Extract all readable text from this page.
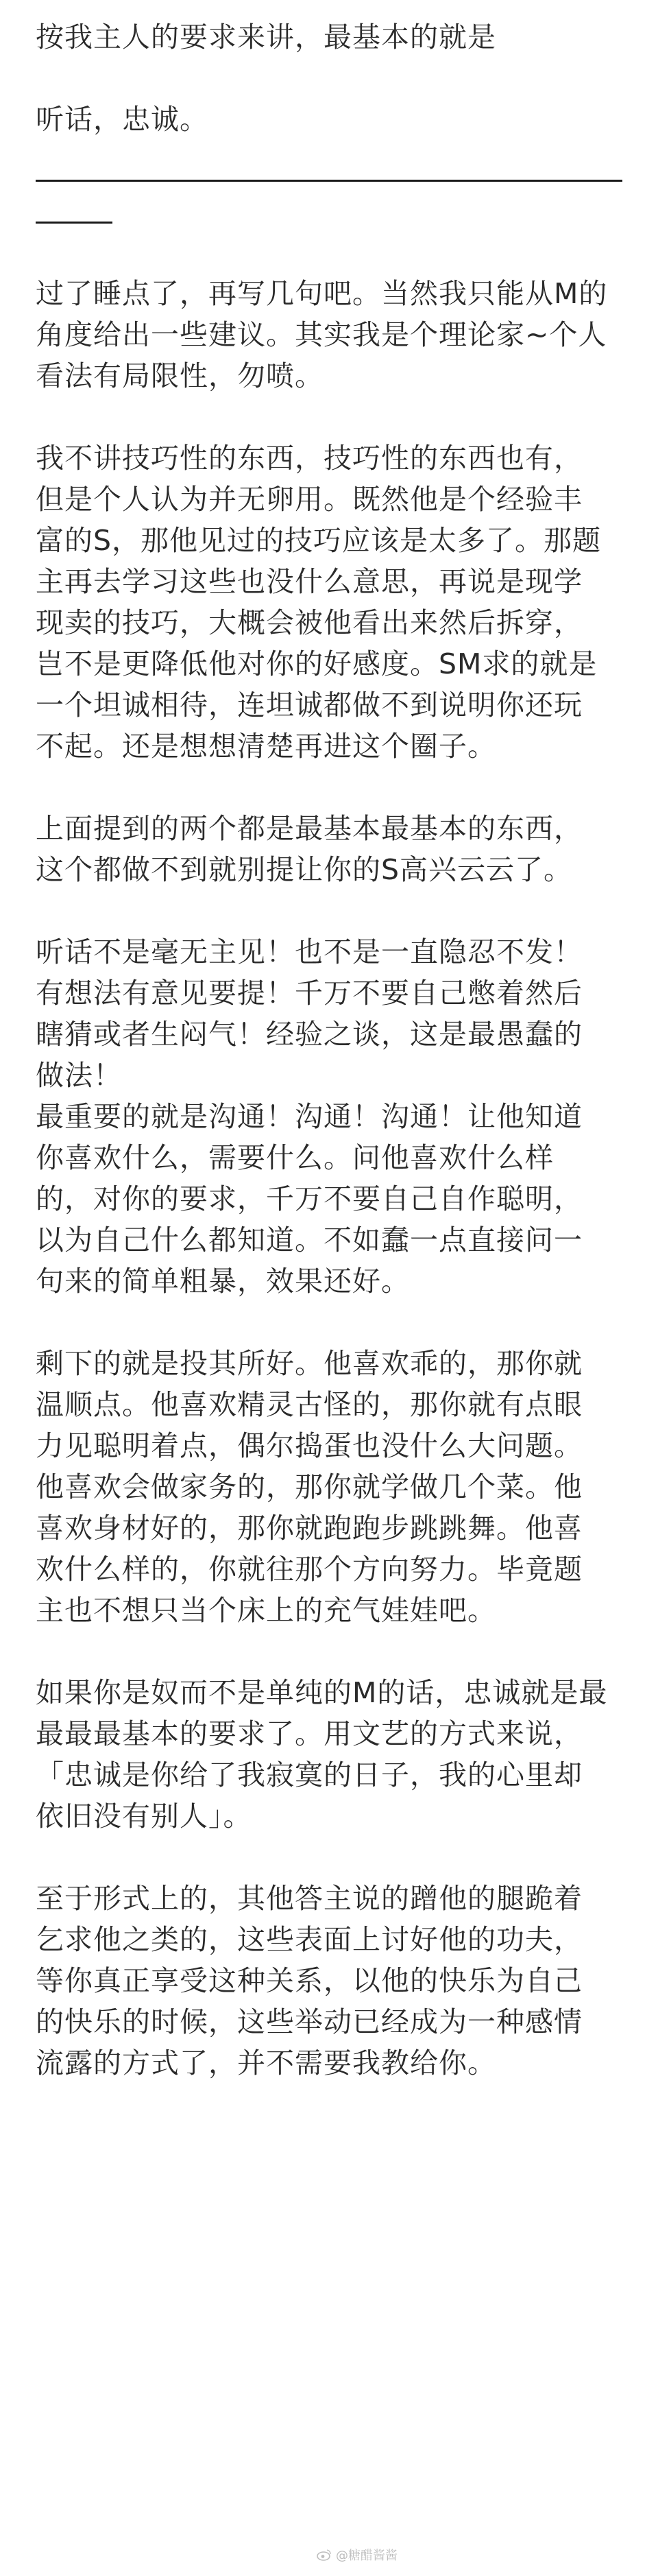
按我主人的要求来讲，最基本的就是

听话，忠诚。

过了睡点了，再写几句吧。当然我只能从M的

角度给出一些建议。其实我是个理论家~个人

看法有局限性，勿喷。

我不讲技巧性的东西，技巧性的东西也有，

但是个人认为并无卵用。既然他是个经验丰

富的S，那他见过的技巧应该是太多了。那题

主再去学习这些也没什么意思，再说是现学

现卖的技巧，大概会被他看出来然后拆穿，

岂不是更降低他对你的好感度。SM求的就是

一个坦诚相待，连坦诚都做不到说明你还玩

不起。还是想想清楚再进这个圈子。

上面提到的两个都是最基本最基本的东西，

这个都做不到就别提让你的S高兴云云了。

听话不是毫无主见！也不是一直隐忍不发！

有想法有意见要提！千万不要自己憋着然后

瞎猜或者生闷气！经验之谈，这是最愚蠢的

做法！

最重要的就是沟通！沟通！沟通！让他知道

你喜欢什么，需要什么。问他喜欢什么样

的，对你的要求，千万不要自己自作聪明，

以为自己什么都知道。不如蠢一点直接问一

句来的简单粗暴，效果还好。

剩下的就是投其所好。他喜欢乖的，那你就

温顺点。他喜欢精灵古怪的，那你就有点眼

力见聪明着点，偶尔捣蛋也没什么大问题。

他喜欢会做家务的，那你就学做几个菜。他

喜欢身材好的，那你就跑跑步跳跳舞。他喜

欢什么样的，你就往那个方向努力。毕竟题

主也不想只当个床上的充气娃娃吧。

如果你是奴而不是单纯的M的话，忠诚就是最

最最最基本的要求了。用文艺的方式来说，

「忠诚是你给了我寂寞的日子，我的心里却

依旧没有别人」。

至于形式上的，其他答主说的蹭他的腿跪着

乞求他之类的，这些表面上讨好他的功夫，

等你真正享受这种关系，以他的快乐为自己

的快乐的时候，这些举动已经成为一种感情

流露的方式了，并不需要我教给你。

@糖醋酱酱
